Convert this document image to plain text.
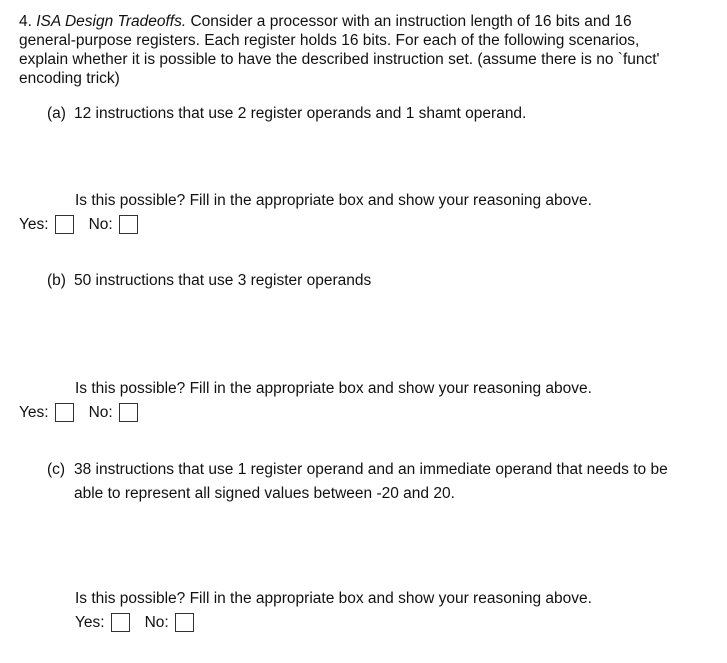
4. ISA Design Tradeoffs. Consider a processor with an instruction length of 16 bits and 16
general-purpose registers. Each register holds 16 bits. For each of the following scenarios,
explain whether it is possible to have the described instruction set. (assume there is no `funct'
encoding trick)
(a) 12 instructions that use 2 register operands and 1 shamt operand.
Is this possible? Fill in the appropriate box and show your reasoning above.
Yes:	No:
(b) 50 instructions that use 3 register operands
Is this possible? Fill in the appropriate box and show your reasoning above.
Yes:	No:
(c) 38 instructions that use 1 register operand and an immediate operand that needs to be
able to represent all signed values between -20 and 20.
Is this possible? Fill in the appropriate box and show your reasoning above.
Yes:	No:
